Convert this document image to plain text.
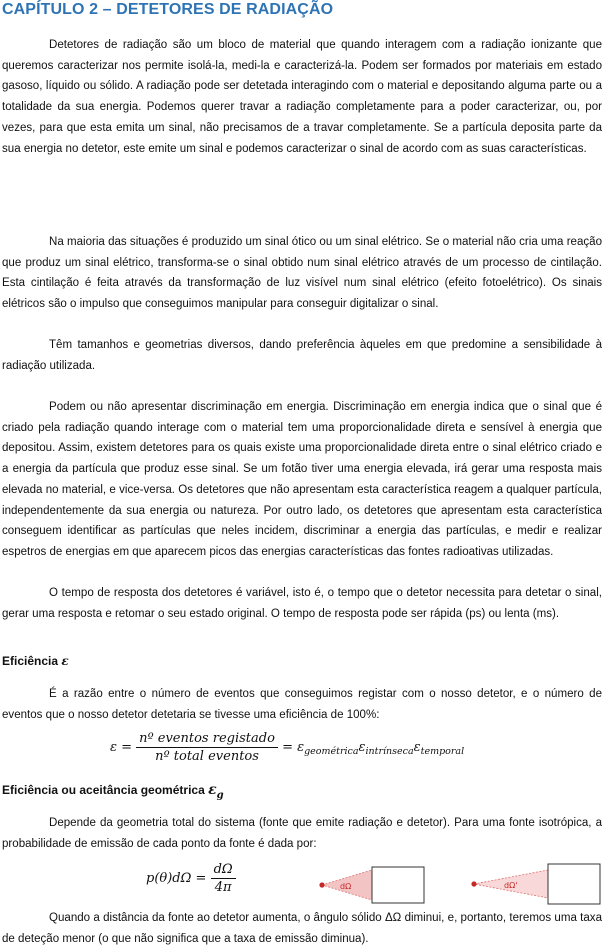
CAPÍTULO 2 – DETETORES DE RADIAÇÃO

Detetores de radiação são um bloco de material que quando interagem com a radiação ionizante que queremos caracterizar nos permite isolá-la, medi-la e caracterizá-la. Podem ser formados por materiais em estado gasoso, líquido ou sólido. A radiação pode ser detetada interagindo com o material e depositando alguma parte ou a totalidade da sua energia. Podemos querer travar a radiação completamente para a poder caracterizar, ou, por vezes, para que esta emita um sinal, não precisamos de a travar completamente. Se a partícula deposita parte da sua energia no detetor, este emite um sinal e podemos caracterizar o sinal de acordo com as suas características.

Na maioria das situações é produzido um sinal ótico ou um sinal elétrico. Se o material não cria uma reação que produz um sinal elétrico, transforma-se o sinal obtido num sinal elétrico através de um processo de cintilação. Esta cintilação é feita através da transformação de luz visível num sinal elétrico (efeito fotoelétrico). Os sinais elétricos são o impulso que conseguimos manipular para conseguir digitalizar o sinal.

Têm tamanhos e geometrias diversos, dando preferência àqueles em que predomine a sensibilidade à radiação utilizada.

Podem ou não apresentar discriminação em energia. Discriminação em energia indica que o sinal que é criado pela radiação quando interage com o material tem uma proporcionalidade direta e sensível à energia que depositou. Assim, existem detetores para os quais existe uma proporcionalidade direta entre o sinal elétrico criado e a energia da partícula que produz esse sinal. Se um fotão tiver uma energia elevada, irá gerar uma resposta mais elevada no material, e vice-versa. Os detetores que não apresentam esta característica reagem a qualquer partícula, independentemente da sua energia ou natureza. Por outro lado, os detetores que apresentam esta característica conseguem identificar as partículas que neles incidem, discriminar a energia das partículas, e medir e realizar espetros de energias em que aparecem picos das energias características das fontes radioativas utilizadas.

O tempo de resposta dos detetores é variável, isto é, o tempo que o detetor necessita para detetar o sinal, gerar uma resposta e retomar o seu estado original. O tempo de resposta pode ser rápida (ps) ou lenta (ms).

Eficiência ε

É a razão entre o número de eventos que conseguimos registar com o nosso detetor, e o número de eventos que o nosso detetor detetaria se tivesse uma eficiência de 100%:

$\varepsilon = \frac{\text{nº eventos registado}}{\text{nº total eventos}} = \varepsilon_{geométrica}\varepsilon_{intrínseca}\varepsilon_{temporal}$
Eficiência ou aceitância geométrica $\varepsilon_g$

Depende da geometria total do sistema (fonte que emite radiação e detetor). Para uma fonte isotrópica, a probabilidade de emissão de cada ponto da fonte é dada por:

$p(\theta)d\Omega = \frac{d\Omega}{4\pi}$	dΩ	dΩ'

Quando a distância da fonte ao detetor aumenta, o ângulo sólido ΔΩ diminui, e, portanto, teremos uma taxa de deteção menor (o que não significa que a taxa de emissão diminua).
